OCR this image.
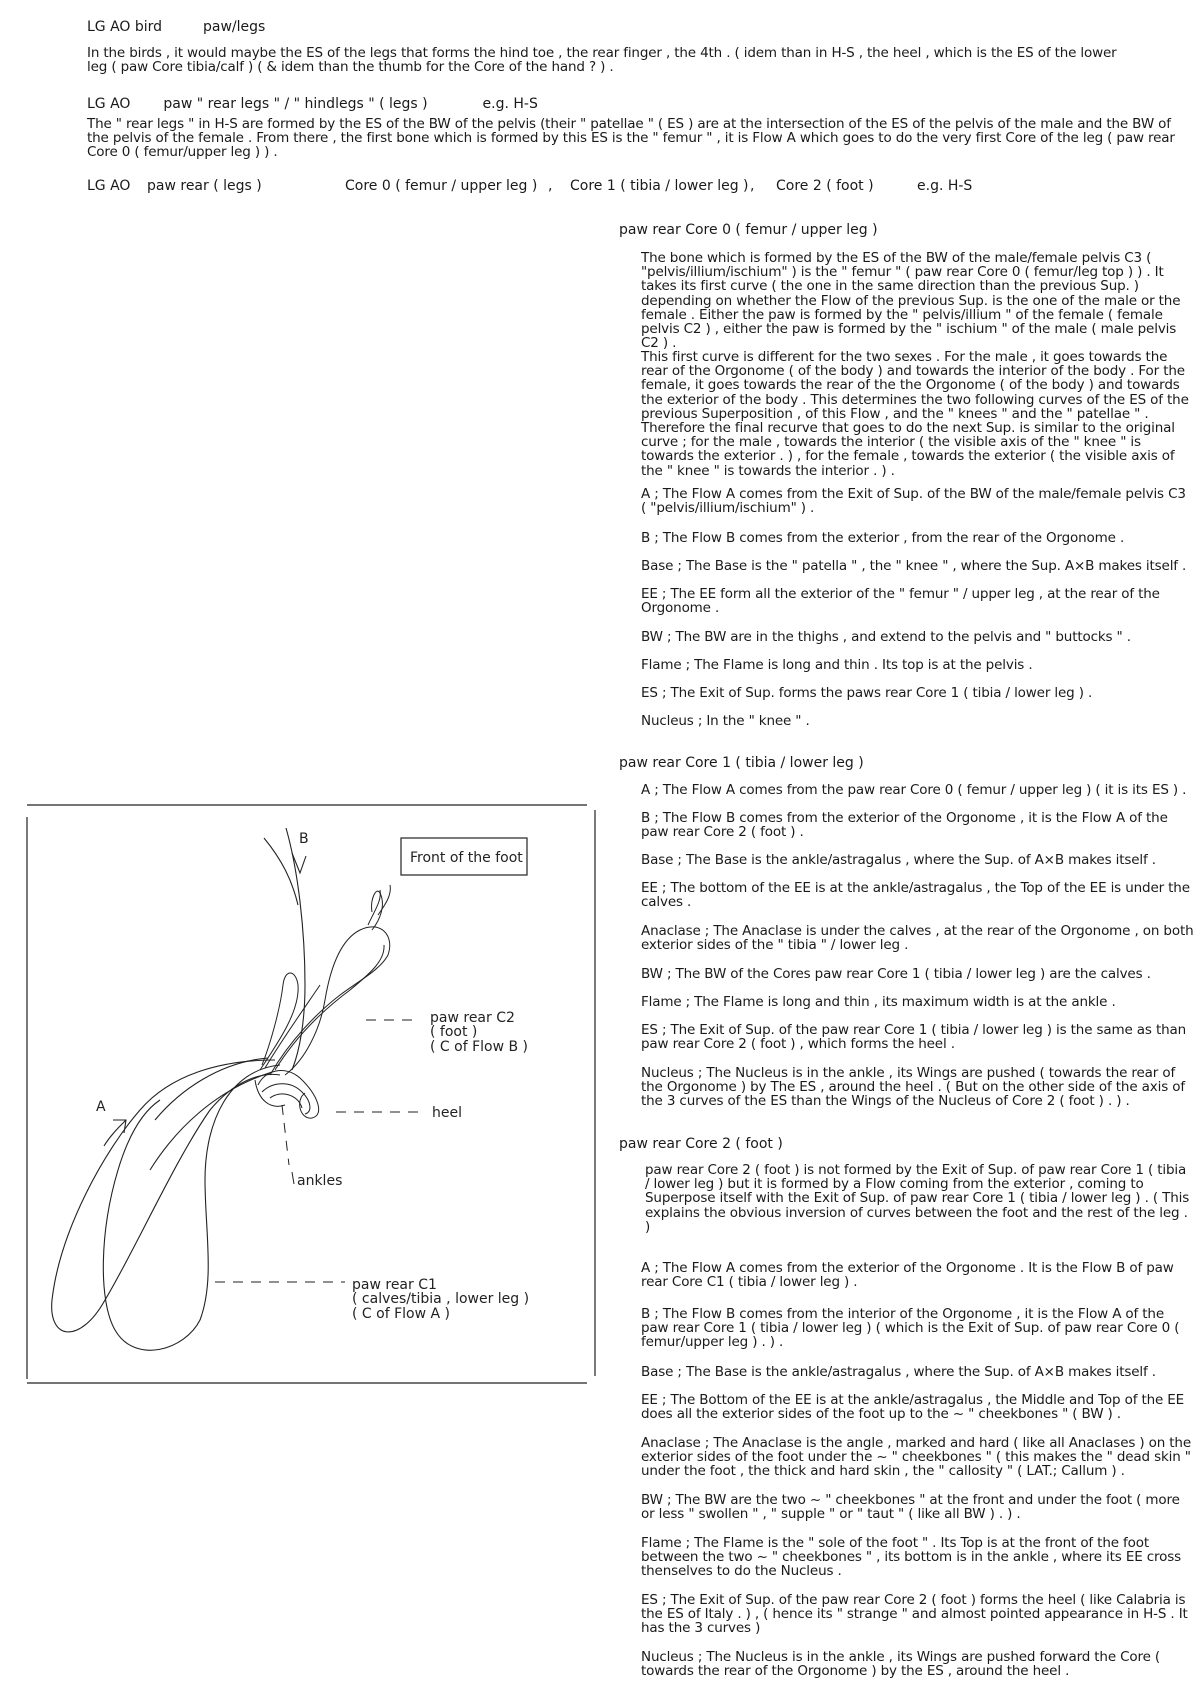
LG AO bird	paw/legs
In the birds , it would maybe the ES of the legs that forms the hind toe , the rear finger , the 4th . ( idem than in H-S , the heel , which is the ES of the lower leg ( paw Core tibia/calf ) ( & idem than the thumb for the Core of the hand ? ) .
LG AO paw " rear legs " / " hindlegs " ( legs )	e.g. H-S
The " rear legs " in H-S are formed by the ES of the BW of the pelvis (their " patellae " ( ES ) are at the intersection of the ES of the pelvis of the male and the BW of the pelvis of the female . From there , the first bone which is formed by this ES is the " femur " , it is Flow A which goes to do the very first Core of the leg ( paw rear Core 0 ( femur/upper leg ) ) .
LG AO paw rear ( legs )	Core 0 ( femur / upper leg ) , Core 1 ( tibia / lower leg ) , Core 2 ( foot )	e.g. H-S
paw rear Core 0 ( femur / upper leg )
The bone which is formed by the ES of the BW of the male/female pelvis C3 ( "pelvis/illium/ischium" ) is the " femur " ( paw rear Core 0 ( femur/leg top ) ) . It takes its first curve ( the one in the same direction than the previous Sup. ) depending on whether the Flow of the previous Sup. is the one of the male or the female . Either the paw is formed by the " pelvis/illium " of the female ( female pelvis C2 ) , either the paw is formed by the " ischium " of the male ( male pelvis C2 ) .
This first curve is different for the two sexes . For the male , it goes towards the rear of the Orgonome ( of the body ) and towards the interior of the body . For the female, it goes towards the rear of the the Orgonome ( of the body ) and towards the exterior of the body . This determines the two following curves of the ES of the previous Superposition , of this Flow , and the " knees " and the " patellae " . Therefore the final recurve that goes to do the next Sup. is similar to the original curve ; for the male , towards the interior ( the visible axis of the " knee " is towards the exterior . ) , for the female , towards the exterior ( the visible axis of the " knee " is towards the interior . ) .
A ; The Flow A comes from the Exit of Sup. of the BW of the male/female pelvis C3 ( "pelvis/illium/ischium" ) .
B ; The Flow B comes from the exterior , from the rear of the Orgonome .
Base ; The Base is the " patella " , the " knee " , where the Sup. A×B makes itself .
EE ; The EE form all the exterior of the " femur " / upper leg , at the rear of the Orgonome .
BW ; The BW are in the thighs , and extend to the pelvis and " buttocks " .
Flame ; The Flame is long and thin . Its top is at the pelvis .
ES ; The Exit of Sup. forms the paws rear Core 1 ( tibia / lower leg ) .
Nucleus ; In the " knee " .
paw rear Core 1 ( tibia / lower leg )
A ; The Flow A comes from the paw rear Core 0 ( femur / upper leg ) ( it is its ES ) .
B ; The Flow B comes from the exterior of the Orgonome , it is the Flow A of the paw rear Core 2 ( foot ) .
Base ; The Base is the ankle/astragalus , where the Sup. of A×B makes itself .
EE ; The bottom of the EE is at the ankle/astragalus , the Top of the EE is under the calves .
Anaclase ; The Anaclase is under the calves , at the rear of the Orgonome , on both exterior sides of the " tibia " / lower leg .
BW ; The BW of the Cores paw rear Core 1 ( tibia / lower leg ) are the calves .
Flame ; The Flame is long and thin , its maximum width is at the ankle .
ES ; The Exit of Sup. of the paw rear Core 1 ( tibia / lower leg ) is the same as than paw rear Core 2 ( foot ) , which forms the heel .
Nucleus ; The Nucleus is in the ankle , its Wings are pushed ( towards the rear of the Orgonome ) by The ES , around the heel . ( But on the other side of the axis of the 3 curves of the ES than the Wings of the Nucleus of Core 2 ( foot ) . ) .
paw rear Core 2 ( foot )
paw rear Core 2 ( foot ) is not formed by the Exit of Sup. of paw rear Core 1 ( tibia / lower leg ) but it is formed by a Flow coming from the exterior , coming to Superpose itself with the Exit of Sup. of paw rear Core 1 ( tibia / lower leg ) . ( This explains the obvious inversion of curves between the foot and the rest of the leg . )
A ; The Flow A comes from the exterior of the Orgonome . It is the Flow B of paw rear Core C1 ( tibia / lower leg ) .
B ; The Flow B comes from the interior of the Orgonome , it is the Flow A of the paw rear Core 1 ( tibia / lower leg ) ( which is the Exit of Sup. of paw rear Core 0 ( femur/upper leg ) . ) .
Base ; The Base is the ankle/astragalus , where the Sup. of A×B makes itself .
EE ; The Bottom of the EE is at the ankle/astragalus , the Middle and Top of the EE does all the exterior sides of the foot up to the ~ " cheekbones " ( BW ) .
Anaclase ; The Anaclase is the angle , marked and hard ( like all Anaclases ) on the exterior sides of the foot under the ~ " cheekbones " ( this makes the " dead skin " under the foot , the thick and hard skin , the " callosity " ( LAT.; Callum ) .
BW ; The BW are the two ~ " cheekbones " at the front and under the foot ( more or less " swollen " , " supple " or " taut " ( like all BW ) . ) .
Flame ; The Flame is the " sole of the foot " . Its Top is at the front of the foot between the two ~ " cheekbones " , its bottom is in the ankle , where its EE cross thenselves to do the Nucleus .
ES ; The Exit of Sup. of the paw rear Core 2 ( foot ) forms the heel ( like Calabria is the ES of Italy . ) , ( hence its " strange " and almost pointed appearance in H-S . It has the 3 curves )
Nucleus ; The Nucleus is in the ankle , its Wings are pushed forward the Core ( towards the rear of the Orgonome ) by the ES , around the heel .
Front of the foot
B
A
paw rear C2
( foot )
( C of Flow B )
heel
ankles
paw rear C1
( calves/tibia , lower leg )
( C of Flow A )
